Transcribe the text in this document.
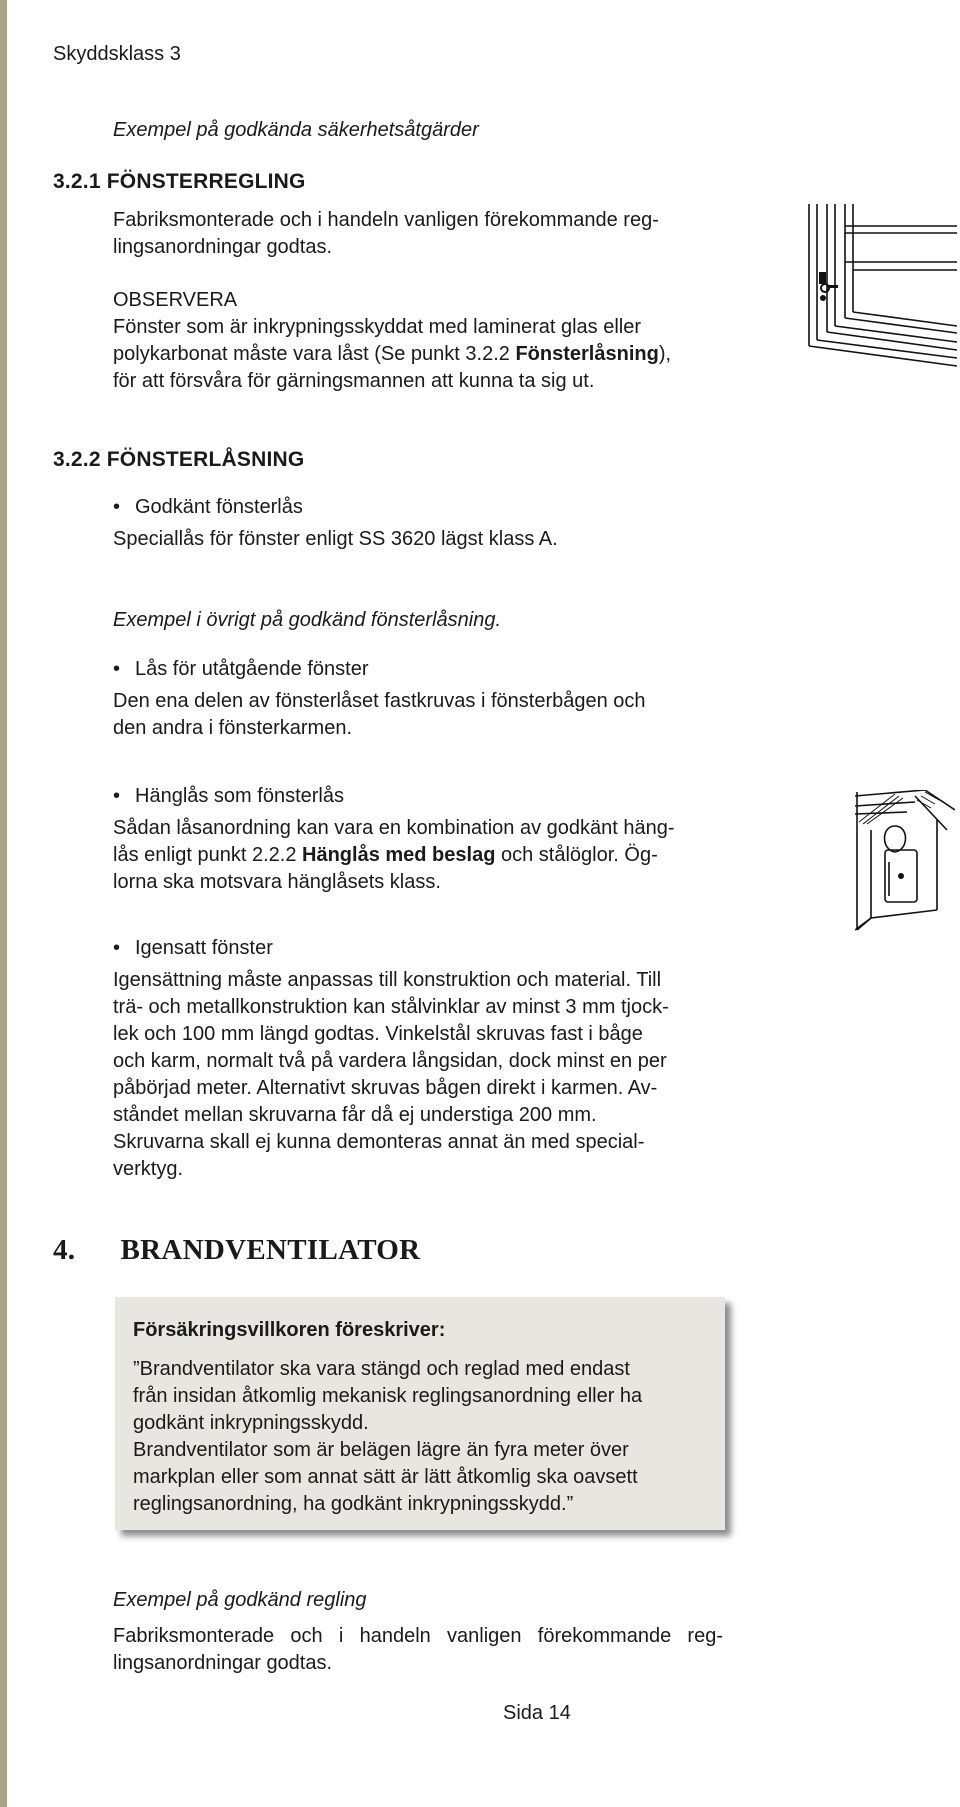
Skyddsklass 3
Exempel på godkända säkerhetsåtgärder
3.2.1 FÖNSTERREGLING
Fabriksmonterade och i handeln vanligen förekommande reg-
lingsanordningar godtas.
OBSERVERA
Fönster som är inkrypningsskyddat med laminerat glas eller
polykarbonat måste vara låst (Se punkt 3.2.2 Fönsterlåsning),
för att försvåra för gärningsmannen att kunna ta sig ut.
3.2.2 FÖNSTERLÅSNING
• Godkänt fönsterlås
Speciallås för fönster enligt SS 3620 lägst klass A.
Exempel i övrigt på godkänd fönsterlåsning.
• Lås för utåtgående fönster
Den ena delen av fönsterlåset fastkruvas i fönsterbågen och
den andra i fönsterkarmen.
• Hänglås som fönsterlås
Sådan låsanordning kan vara en kombination av godkänt häng-
lås enligt punkt 2.2.2 Hänglås med beslag och stålöglor. Ög-
lorna ska motsvara hänglåsets klass.
• Igensatt fönster
Igensättning måste anpassas till konstruktion och material. Till
trä- och metallkonstruktion kan stålvinklar av minst 3 mm tjock-
lek och 100 mm längd godtas. Vinkelstål skruvas fast i båge
och karm, normalt två på vardera långsidan, dock minst en per
påbörjad meter. Alternativt skruvas bågen direkt i karmen. Av-
ståndet mellan skruvarna får då ej understiga 200 mm.
Skruvarna skall ej kunna demonteras annat än med special-
verktyg.
4. BRANDVENTILATOR
Försäkringsvillkoren föreskriver:
”Brandventilator ska vara stängd och reglad med endast
från insidan åtkomlig mekanisk reglingsanordning eller ha
godkänt inkrypningsskydd.
Brandventilator som är belägen lägre än fyra meter över
markplan eller som annat sätt är lätt åtkomlig ska oavsett
reglingsanordning, ha godkänt inkrypningsskydd.”
Exempel på godkänd regling
Fabriksmonterade och i handeln vanligen förekommande reg-
lingsanordningar godtas.
Sida 14
